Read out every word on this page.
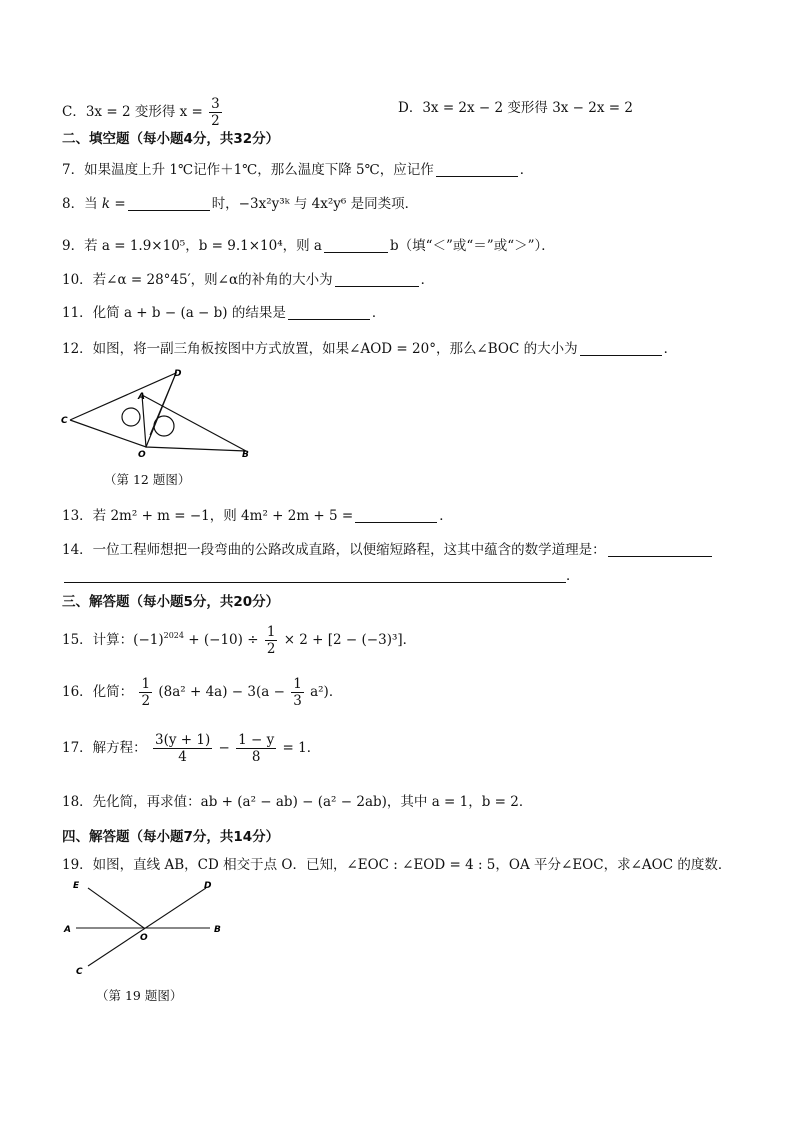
C．3x = 2 变形得 $x = \frac{3}{2}$	D．3x = 2x − 2 变形得 3x − 2x = 2
二、填空题（每小题4分，共32分）
7．如果温度上升 1℃记作＋1℃，那么温度下降 5℃，应记作	．
8．当 k =	时，−3x²y³ᵏ 与 4x²y⁶ 是同类项．
9．若 a = 1.9×10⁵，b = 9.1×10⁴，则 a	b（填“＜”或“＝”或“＞”）．
10．若∠α = 28°45′，则∠α的补角的大小为	．
11．化简 a + b − (a − b) 的结果是	．
12．如图，将一副三角板按图中方式放置，如果∠AOD = 20°，那么∠BOC 的大小为	．
C
A
D
O	B
（第 12 题图）
13．若 2m² + m = −1，则 4m² + 2m + 5 =	．
14．一位工程师想把一段弯曲的公路改成直路，以便缩短路程，这其中蕴含的数学道理是：
．
三、解答题（每小题5分，共20分）
15．计算：$(-1)^{2024} + (-10) \div \frac{1}{2} \times 2 + [2 - (-3)^3]$．
16．化简： $\frac{1}{2} (8a^2 + 4a) - 3(a - \frac{1}{3} a^2)$．
17．解方程： $\frac{3(y + 1)}{4} - \frac{1 - y}{8} = 1$．
18．先化简，再求值：ab + (a² − ab) − (a² − 2ab)，其中 a = 1，b = 2．
四、解答题（每小题7分，共14分）
19．如图，直线 AB，CD 相交于点 O．已知，∠EOC : ∠EOD = 4 : 5，OA 平分∠EOC，求∠AOC 的度数．
E	D
A
O
B
C
（第 19 题图）
